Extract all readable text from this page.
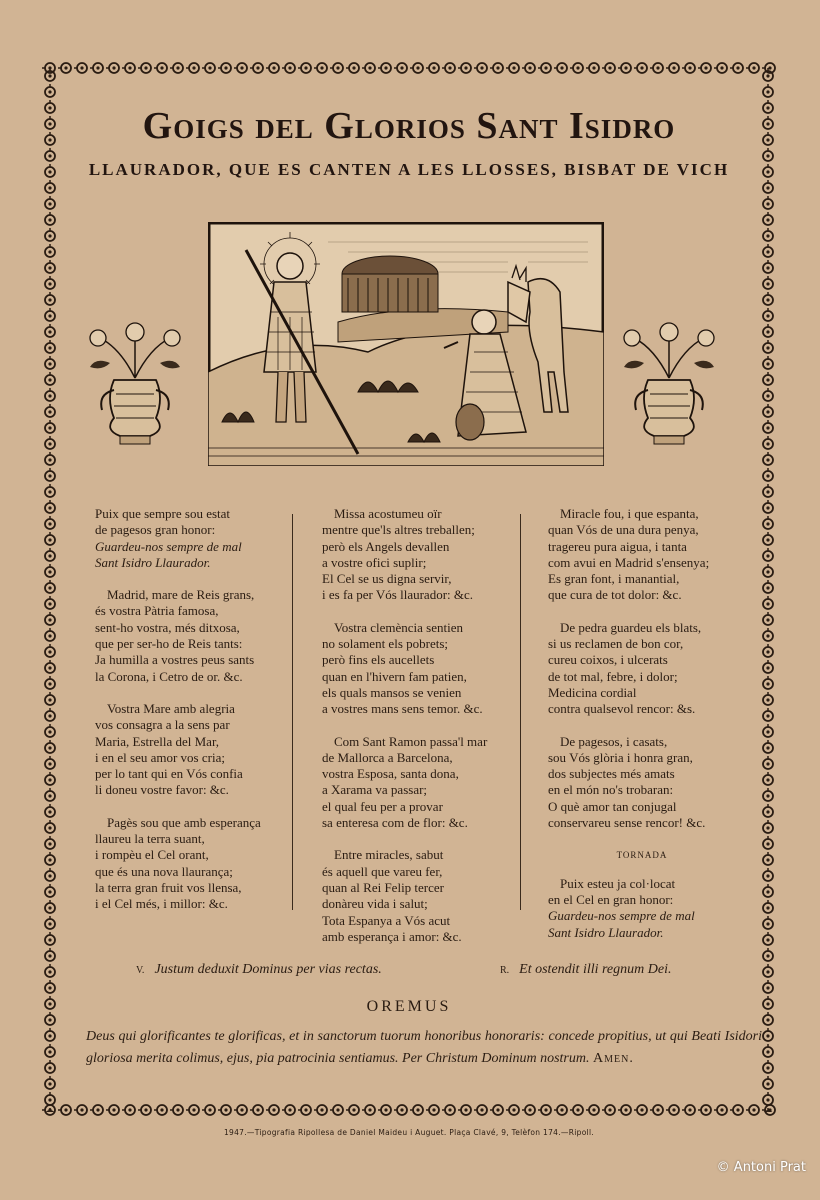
Goigs del Glorios Sant Isidro
LLAURADOR, QUE ES CANTEN A LES LLOSSES, BISBAT DE VICH
Puix que sempre sou estat
de pagesos gran honor:
Guardeu-nos sempre de mal
Sant Isidro Llaurador.
Madrid, mare de Reis grans,
és vostra Pàtria famosa,
sent-ho vostra, més ditxosa,
que per ser-ho de Reis tants:
Ja humilla a vostres peus sants
la Corona, i Cetro de or. &c.
Vostra Mare amb alegria
vos consagra a la sens par
Maria, Estrella del Mar,
i en el seu amor vos cria;
per lo tant qui en Vós confia
li doneu vostre favor: &c.
Pagès sou que amb esperança
llaureu la terra suant,
i rompèu el Cel orant,
que és una nova llaurança;
la terra gran fruit vos llensa,
i el Cel més, i millor: &c.
Missa acostumeu oïr
mentre que'ls altres treballen;
però els Angels devallen
a vostre ofici suplir;
El Cel se us digna servir,
i es fa per Vós llaurador: &c.
Vostra clemència sentien
no solament els pobrets;
però fins els aucellets
quan en l'hivern fam patien,
els quals mansos se venien
a vostres mans sens temor. &c.
Com Sant Ramon passa'l mar
de Mallorca a Barcelona,
vostra Esposa, santa dona,
a Xarama va passar;
el qual feu per a provar
sa enteresa com de flor: &c.
Entre miracles, sabut
és aquell que vareu fer,
quan al Rei Felip tercer
donàreu vida i salut;
Tota Espanya a Vós acut
amb esperança i amor: &c.
Miracle fou, i que espanta,
quan Vós de una dura penya,
tragereu pura aigua, i tanta
com avui en Madrid s'ensenya;
Es gran font, i manantial,
que cura de tot dolor: &c.
De pedra guardeu els blats,
si us reclamen de bon cor,
cureu coixos, i ulcerats
de tot mal, febre, i dolor;
Medicina cordial
contra qualsevol rencor: &s.
De pagesos, i casats,
sou Vós glòria i honra gran,
dos subjectes més amats
en el món no's trobaran:
O què amor tan conjugal
conservareu sense rencor! &c.
TORNADA
Puix esteu ja col·locat
en el Cel en gran honor:
Guardeu-nos sempre de mal
Sant Isidro Llaurador.
V. Justum deduxit Dominus per vias rectas.	R. Et ostendit illi regnum Dei.
OREMUS
Deus qui glorificantes te glorificas, et in sanctorum tuorum honoribus honoraris: concede propitius, ut qui Beati Isidori gloriosa merita colimus, ejus, pia patrocinia sentiamus. Per Christum Dominum nostrum. Amen.
1947.—Tipografia Ripollesa de Daniel Maideu i Auguet. Plaça Clavé, 9, Telèfon 174.—Ripoll.
© Antoni Prat
